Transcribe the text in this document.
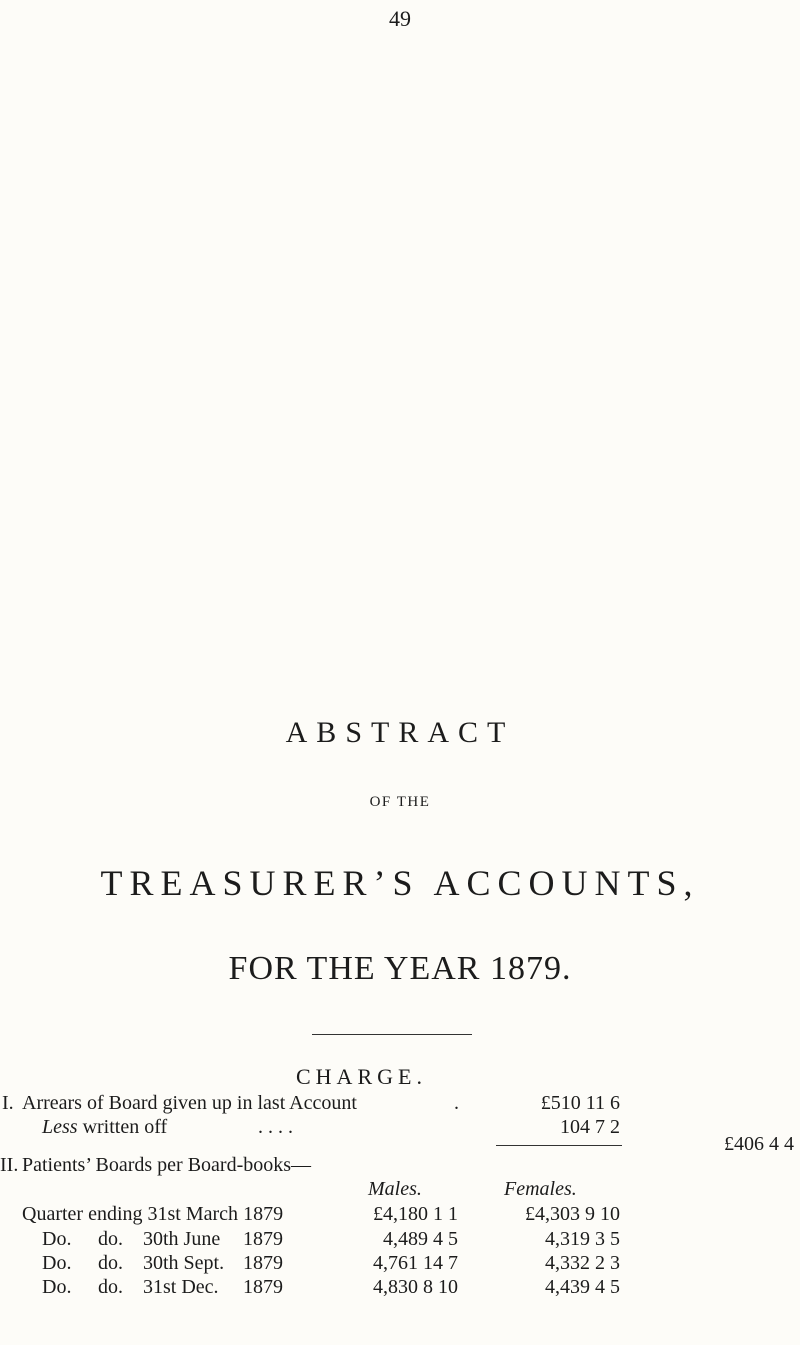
49
ABSTRACT
OF THE
TREASURER’S ACCOUNTS,
FOR THE YEAR 1879.
CHARGE.
I. Arrears of Board given up in last Account	.	£510 11 6
Less written off	. . . .	104 7 2
£406 4 4
II. Patients’ Boards per Board-books—
Males.	Females.
Quarter ending 31st March 1879	£4,180 1 1	£4,303 9 10
Do. do. 30th June 1879	4,489 4 5	4,319 3 5
Do. do. 30th Sept. 1879	4,761 14 7	4,332 2 3
Do. do. 31st Dec. 1879	4,830 8 10	4,439 4 5
